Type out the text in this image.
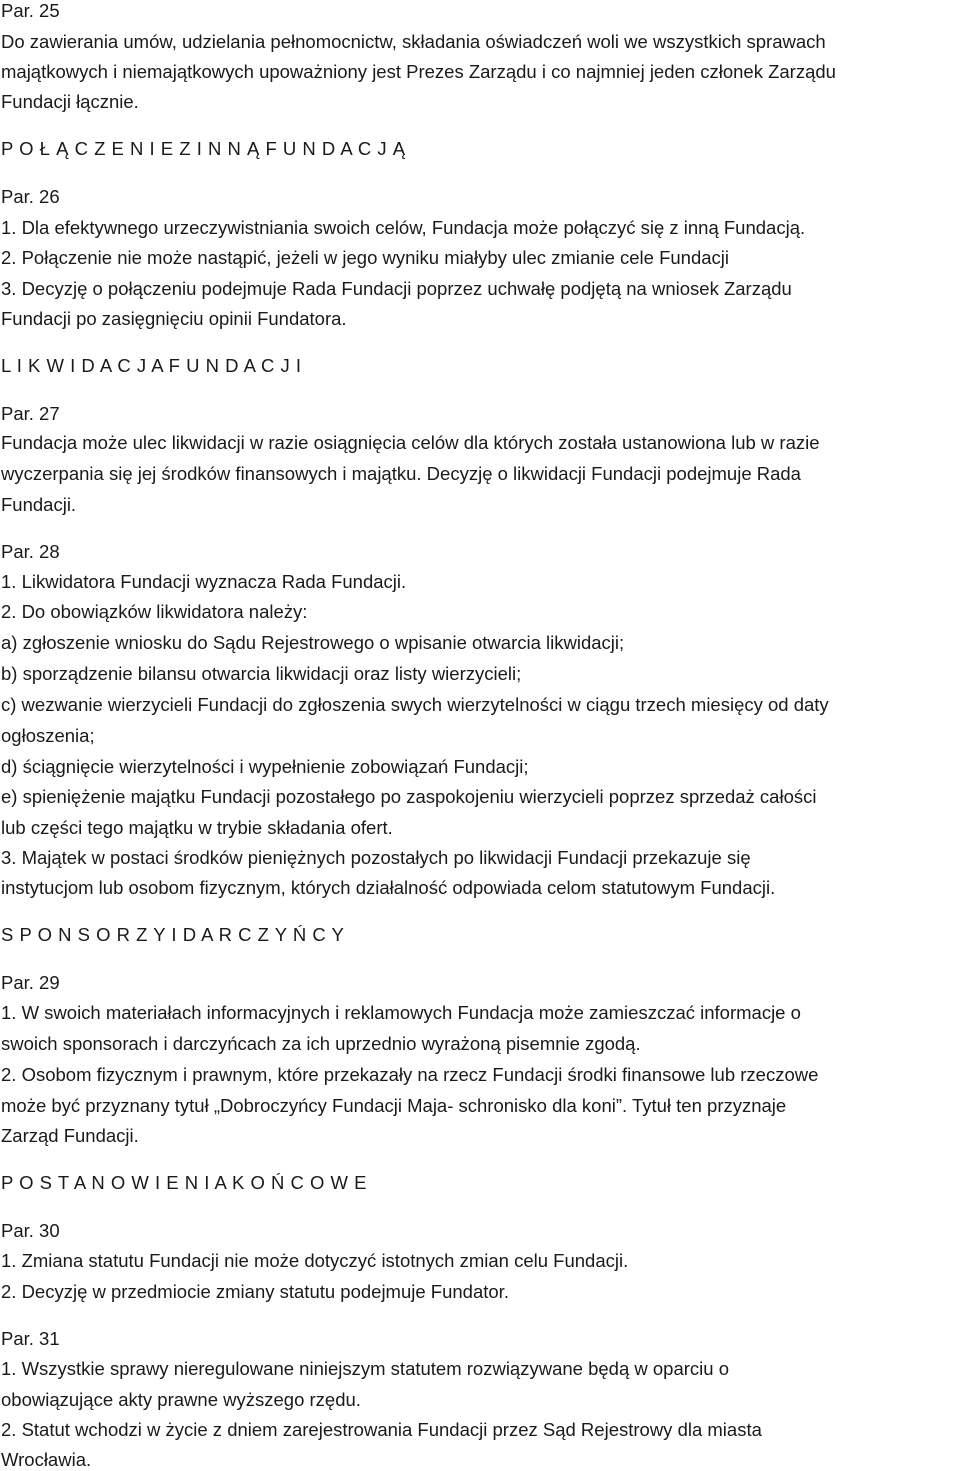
Par. 25
Do zawierania umów, udzielania pełnomocnictw, składania oświadczeń woli we wszystkich sprawach
majątkowych i niemajątkowych upoważniony jest Prezes Zarządu i co najmniej jeden członek Zarządu
Fundacji łącznie.
P O Ł Ą C Z E N I E Z I N N Ą F U N D A C J Ą
Par. 26
1. Dla efektywnego urzeczywistniania swoich celów, Fundacja może połączyć się z inną Fundacją.
2. Połączenie nie może nastąpić, jeżeli w jego wyniku miałyby ulec zmianie cele Fundacji
3. Decyzję o połączeniu podejmuje Rada Fundacji poprzez uchwałę podjętą na wniosek Zarządu
Fundacji po zasięgnięciu opinii Fundatora.
L I K W I D A C J A F U N D A C J I
Par. 27
Fundacja może ulec likwidacji w razie osiągnięcia celów dla których została ustanowiona lub w razie
wyczerpania się jej środków finansowych i majątku. Decyzję o likwidacji Fundacji podejmuje Rada
Fundacji.
Par. 28
1. Likwidatora Fundacji wyznacza Rada Fundacji.
2. Do obowiązków likwidatora należy:
a) zgłoszenie wniosku do Sądu Rejestrowego o wpisanie otwarcia likwidacji;
b) sporządzenie bilansu otwarcia likwidacji oraz listy wierzycieli;
c) wezwanie wierzycieli Fundacji do zgłoszenia swych wierzytelności w ciągu trzech miesięcy od daty
ogłoszenia;
d) ściągnięcie wierzytelności i wypełnienie zobowiązań Fundacji;
e) spieniężenie majątku Fundacji pozostałego po zaspokojeniu wierzycieli poprzez sprzedaż całości
lub części tego majątku w trybie składania ofert.
3. Majątek w postaci środków pieniężnych pozostałych po likwidacji Fundacji przekazuje się
instytucjom lub osobom fizycznym, których działalność odpowiada celom statutowym Fundacji.
S P O N S O R Z Y I D A R C Z Y Ń C Y
Par. 29
1. W swoich materiałach informacyjnych i reklamowych Fundacja może zamieszczać informacje o
swoich sponsorach i darczyńcach za ich uprzednio wyrażoną pisemnie zgodą.
2. Osobom fizycznym i prawnym, które przekazały na rzecz Fundacji środki finansowe lub rzeczowe
może być przyznany tytuł „Dobroczyńcy Fundacji Maja- schronisko dla koni”. Tytuł ten przyznaje
Zarząd Fundacji.
P O S T A N O W I E N I A K O Ń C O W E
Par. 30
1. Zmiana statutu Fundacji nie może dotyczyć istotnych zmian celu Fundacji.
2. Decyzję w przedmiocie zmiany statutu podejmuje Fundator.
Par. 31
1. Wszystkie sprawy nieregulowane niniejszym statutem rozwiązywane będą w oparciu o
obowiązujące akty prawne wyższego rzędu.
2. Statut wchodzi w życie z dniem zarejestrowania Fundacji przez Sąd Rejestrowy dla miasta
Wrocławia.
